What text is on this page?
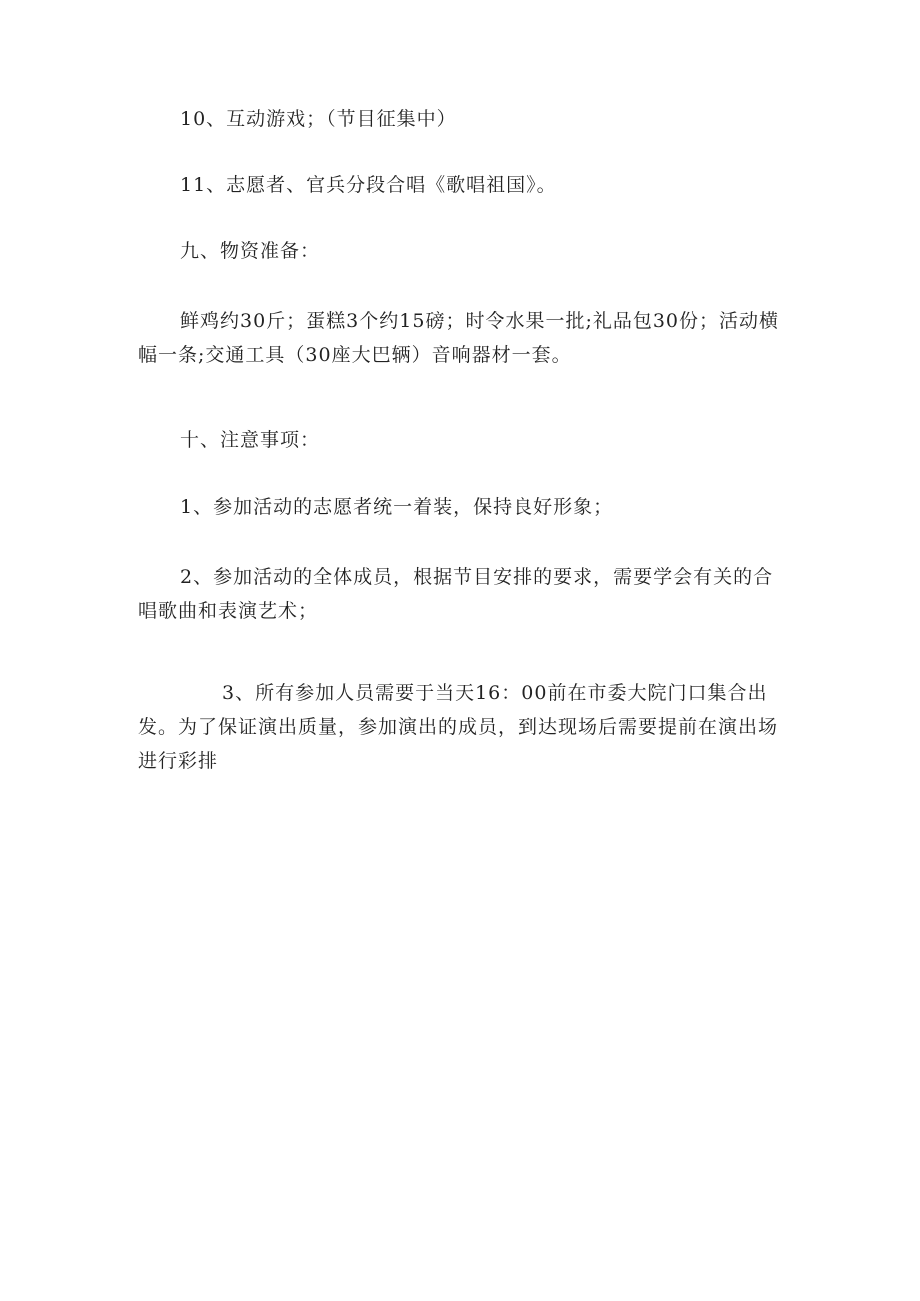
10、互动游戏；（节目征集中）

11、志愿者、官兵分段合唱《歌唱祖国》。

九、物资准备：

鲜鸡约30斤；蛋糕3个约15磅；时令水果一批;礼品包30份；活动横幅一条;交通工具（30座大巴辆）音响器材一套。

十、注意事项：

1、参加活动的志愿者统一着装，保持良好形象；

2、参加活动的全体成员，根据节目安排的要求，需要学会有关的合唱歌曲和表演艺术；

3、所有参加人员需要于当天16：00前在市委大院门口集合出发。为了保证演出质量，参加演出的成员，到达现场后需要提前在演出场进行彩排
